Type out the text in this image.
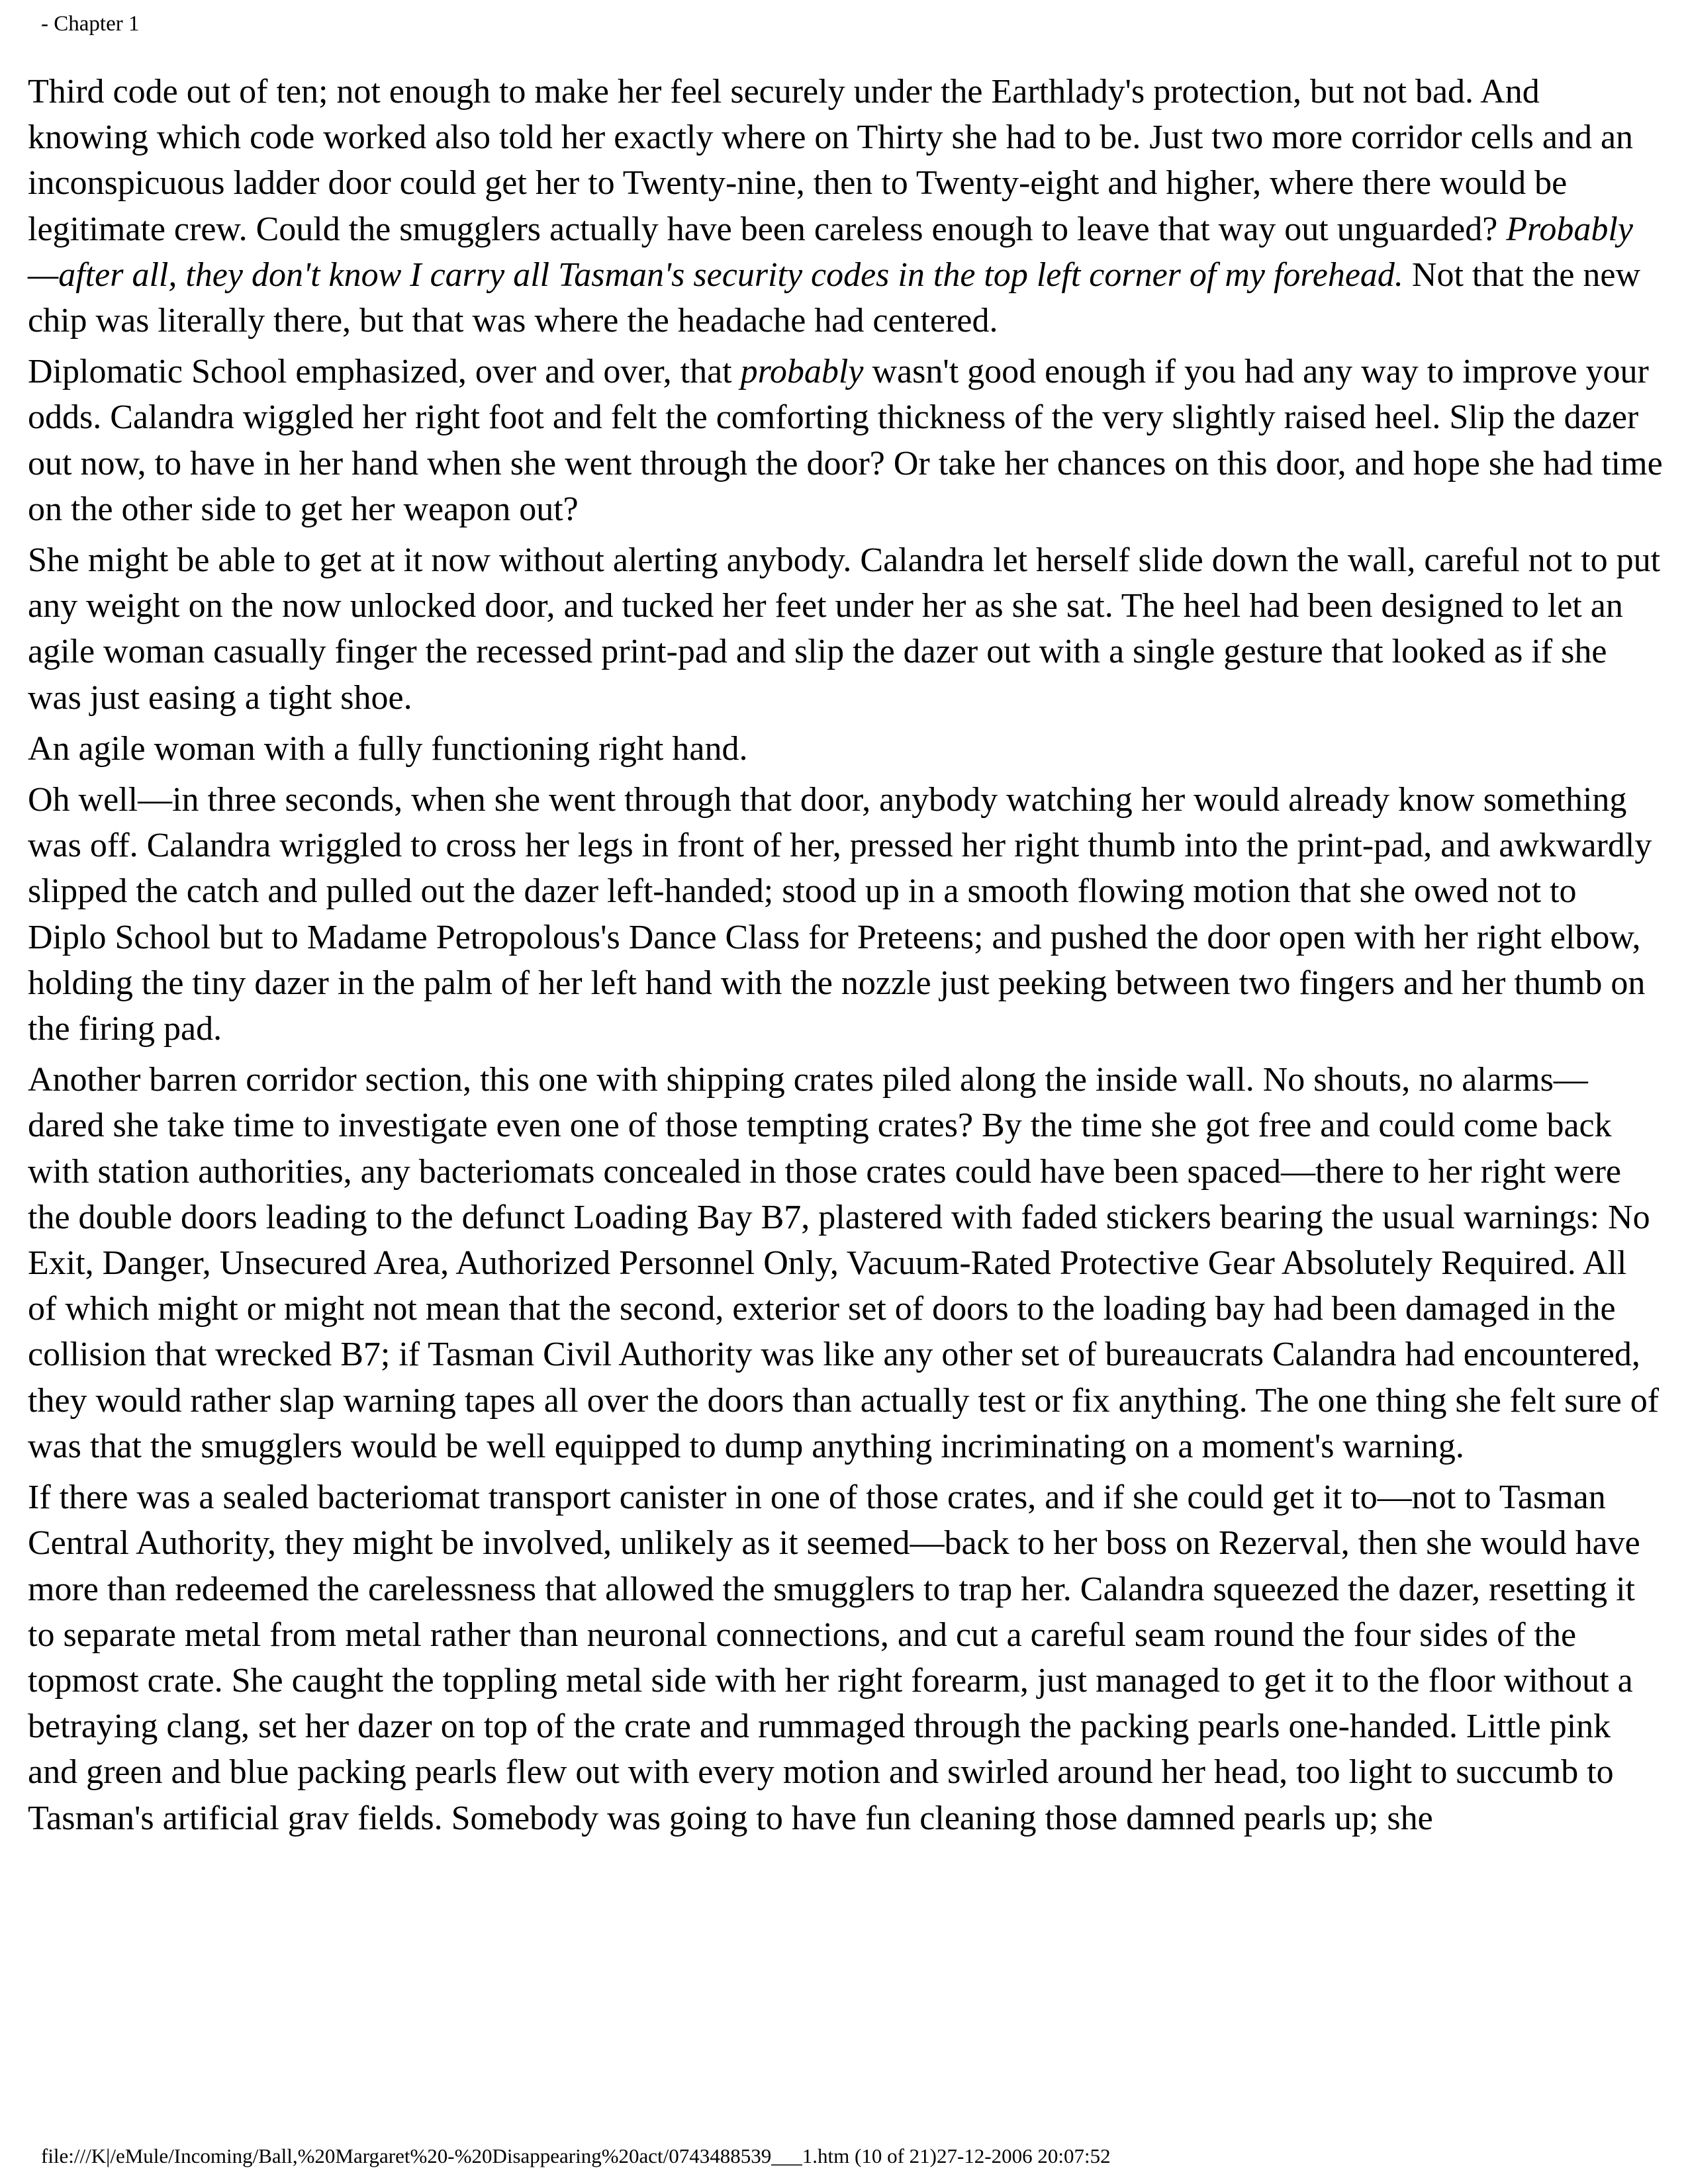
- Chapter 1

Third code out of ten; not enough to make her feel securely under the Earthlady's protection, but not bad. And knowing which code worked also told her exactly where on Thirty she had to be. Just two more corridor cells and an inconspicuous ladder door could get her to Twenty-nine, then to Twenty-eight and higher, where there would be legitimate crew. Could the smugglers actually have been careless enough to leave that way out unguarded? Probably—after all, they don't know I carry all Tasman's security codes in the top left corner of my forehead. Not that the new chip was literally there, but that was where the headache had centered.

Diplomatic School emphasized, over and over, that probably wasn't good enough if you had any way to improve your odds. Calandra wiggled her right foot and felt the comforting thickness of the very slightly raised heel. Slip the dazer out now, to have in her hand when she went through the door? Or take her chances on this door, and hope she had time on the other side to get her weapon out?

She might be able to get at it now without alerting anybody. Calandra let herself slide down the wall, careful not to put any weight on the now unlocked door, and tucked her feet under her as she sat. The heel had been designed to let an agile woman casually finger the recessed print-pad and slip the dazer out with a single gesture that looked as if she was just easing a tight shoe.

An agile woman with a fully functioning right hand.

Oh well—in three seconds, when she went through that door, anybody watching her would already know something was off. Calandra wriggled to cross her legs in front of her, pressed her right thumb into the print-pad, and awkwardly slipped the catch and pulled out the dazer left-handed; stood up in a smooth flowing motion that she owed not to Diplo School but to Madame Petropolous's Dance Class for Preteens; and pushed the door open with her right elbow, holding the tiny dazer in the palm of her left hand with the nozzle just peeking between two fingers and her thumb on the firing pad.

Another barren corridor section, this one with shipping crates piled along the inside wall. No shouts, no alarms—dared she take time to investigate even one of those tempting crates? By the time she got free and could come back with station authorities, any bacteriomats concealed in those crates could have been spaced—there to her right were the double doors leading to the defunct Loading Bay B7, plastered with faded stickers bearing the usual warnings: No Exit, Danger, Unsecured Area, Authorized Personnel Only, Vacuum-Rated Protective Gear Absolutely Required. All of which might or might not mean that the second, exterior set of doors to the loading bay had been damaged in the collision that wrecked B7; if Tasman Civil Authority was like any other set of bureaucrats Calandra had encountered, they would rather slap warning tapes all over the doors than actually test or fix anything. The one thing she felt sure of was that the smugglers would be well equipped to dump anything incriminating on a moment's warning.

If there was a sealed bacteriomat transport canister in one of those crates, and if she could get it to—not to Tasman Central Authority, they might be involved, unlikely as it seemed—back to her boss on Rezerval, then she would have more than redeemed the carelessness that allowed the smugglers to trap her. Calandra squeezed the dazer, resetting it to separate metal from metal rather than neuronal connections, and cut a careful seam round the four sides of the topmost crate. She caught the toppling metal side with her right forearm, just managed to get it to the floor without a betraying clang, set her dazer on top of the crate and rummaged through the packing pearls one-handed. Little pink and green and blue packing pearls flew out with every motion and swirled around her head, too light to succumb to Tasman's artificial grav fields. Somebody was going to have fun cleaning those damned pearls up; she

file:///K|/eMule/Incoming/Ball,%20Margaret%20-%20Disappearing%20act/0743488539___1.htm (10 of 21)27-12-2006 20:07:52
